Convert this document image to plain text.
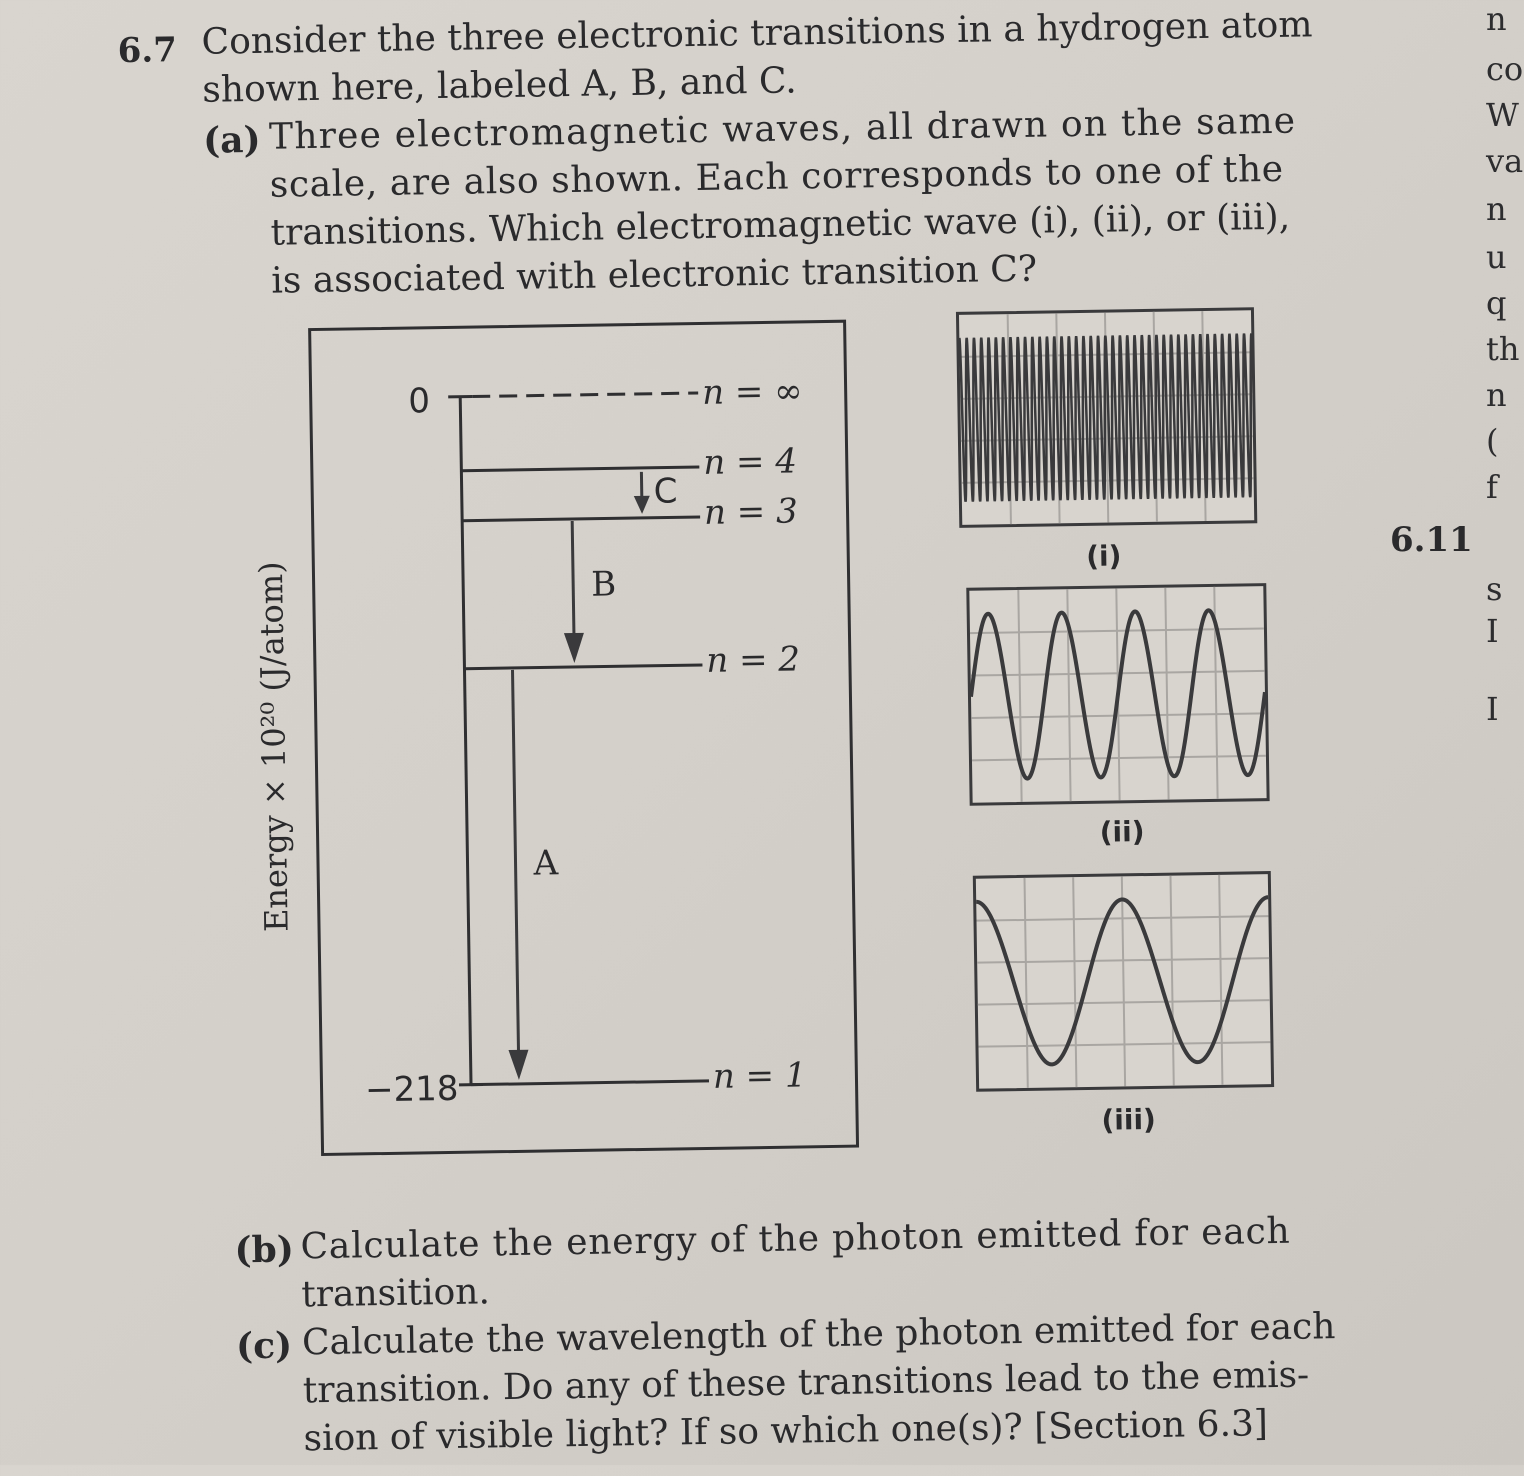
6.7 Consider the three electronic transitions in a hydrogen atom
shown here, labeled A, B, and C.
(a) Three electromagnetic waves, all drawn on the same
scale, are also shown. Each corresponds to one of the
transitions. Which electromagnetic wave (i), (ii), or (iii),
is associated with electronic transition C?
(b) Calculate the energy of the photon emitted for each
transition.
(c) Calculate the wavelength of the photon emitted for each
transition. Do any of these transitions lead to the emis-
sion of visible light? If so which one(s)? [Section 6.3]
0
−218
n = ∞
n = 4
n = 3
n = 2
n = 1
C
B
A
Energy × 10²⁰ (J/atom)
(i)
(ii)
(iii)
n
co
W
va
n
u
q
th
n
(
f
I
s
I
6.11
